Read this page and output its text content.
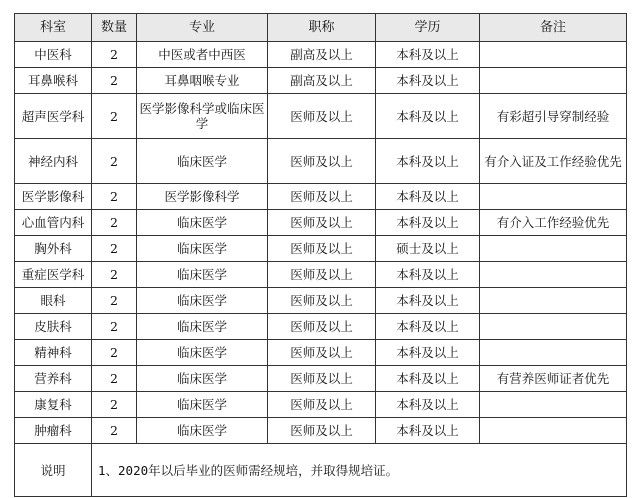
科室	数量	专业	职称	学历	备注
中医科	2	中医或者中西医	副高及以上	本科及以上	
耳鼻喉科	2	耳鼻咽喉专业	副高及以上	本科及以上	
超声医学科	2	医学影像科学或临床医学	医师及以上	本科及以上	有彩超引导穿制经验
神经内科	2	临床医学	医师及以上	本科及以上	有介入证及工作经验优先
医学影像科	2	医学影像科学	医师及以上	本科及以上	
心血管内科	2	临床医学	医师及以上	本科及以上	有介入工作经验优先
胸外科	2	临床医学	医师及以上	硕士及以上	
重症医学科	2	临床医学	医师及以上	本科及以上	
眼科	2	临床医学	医师及以上	本科及以上	
皮肤科	2	临床医学	医师及以上	本科及以上	
精神科	2	临床医学	医师及以上	本科及以上	
营养科	2	临床医学	医师及以上	本科及以上	有营养医师证者优先
康复科	2	临床医学	医师及以上	本科及以上	
肿瘤科	2	临床医学	医师及以上	本科及以上	
说明	1、2020年以后毕业的医师需经规培，并取得规培证。				
